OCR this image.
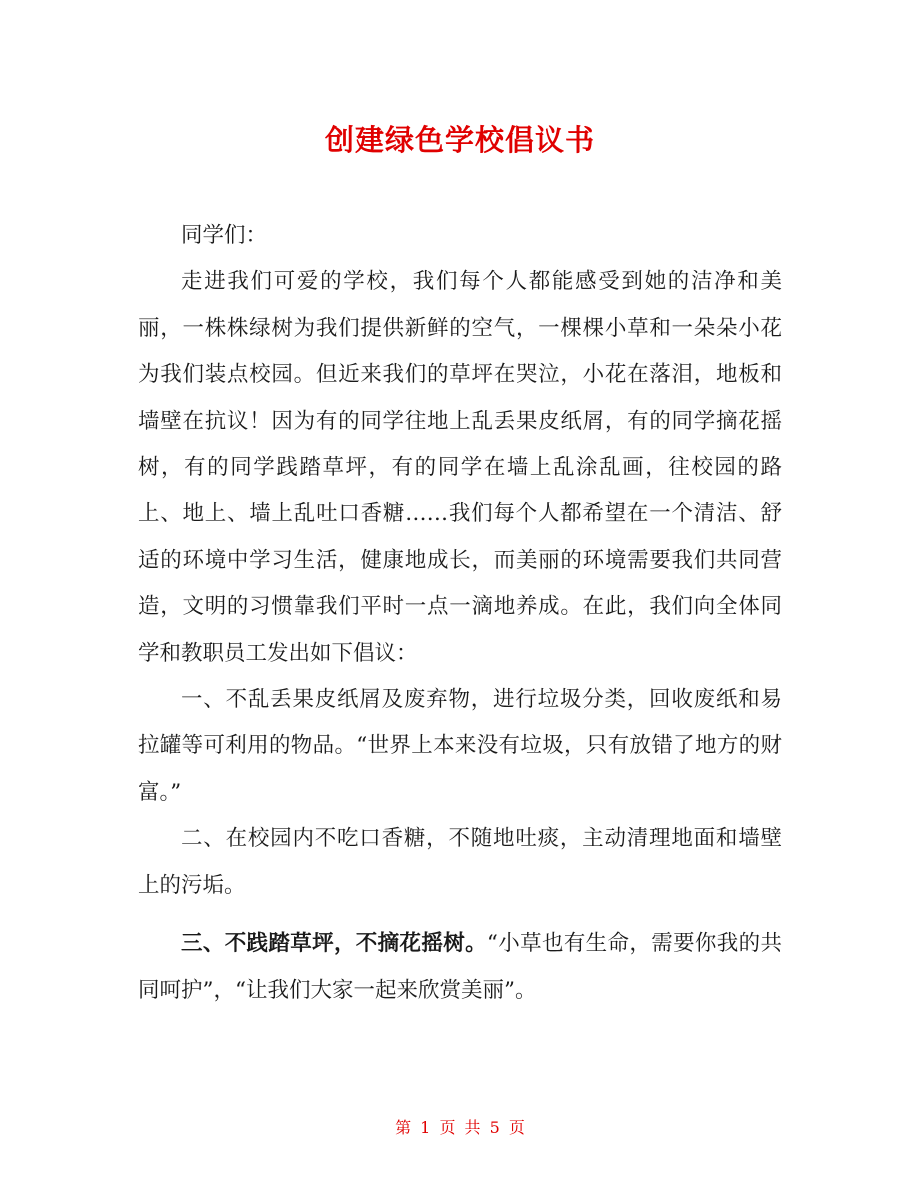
创建绿色学校倡议书

同学们：

走进我们可爱的学校，我们每个人都能感受到她的洁净和美丽，一株株绿树为我们提供新鲜的空气，一棵棵小草和一朵朵小花为我们装点校园。但近来我们的草坪在哭泣，小花在落泪，地板和墙壁在抗议！因为有的同学往地上乱丢果皮纸屑，有的同学摘花摇树，有的同学践踏草坪，有的同学在墙上乱涂乱画，往校园的路上、地上、墙上乱吐口香糖……我们每个人都希望在一个清洁、舒适的环境中学习生活，健康地成长，而美丽的环境需要我们共同营造，文明的习惯靠我们平时一点一滴地养成。在此，我们向全体同学和教职员工发出如下倡议：

一、不乱丢果皮纸屑及废弃物，进行垃圾分类，回收废纸和易拉罐等可利用的物品。“世界上本来没有垃圾，只有放错了地方的财富。”

二、在校园内不吃口香糖，不随地吐痰，主动清理地面和墙壁上的污垢。

三、不践踏草坪，不摘花摇树。“小草也有生命，需要你我的共同呵护”，“让我们大家一起来欣赏美丽”。

第 1 页 共 5 页
